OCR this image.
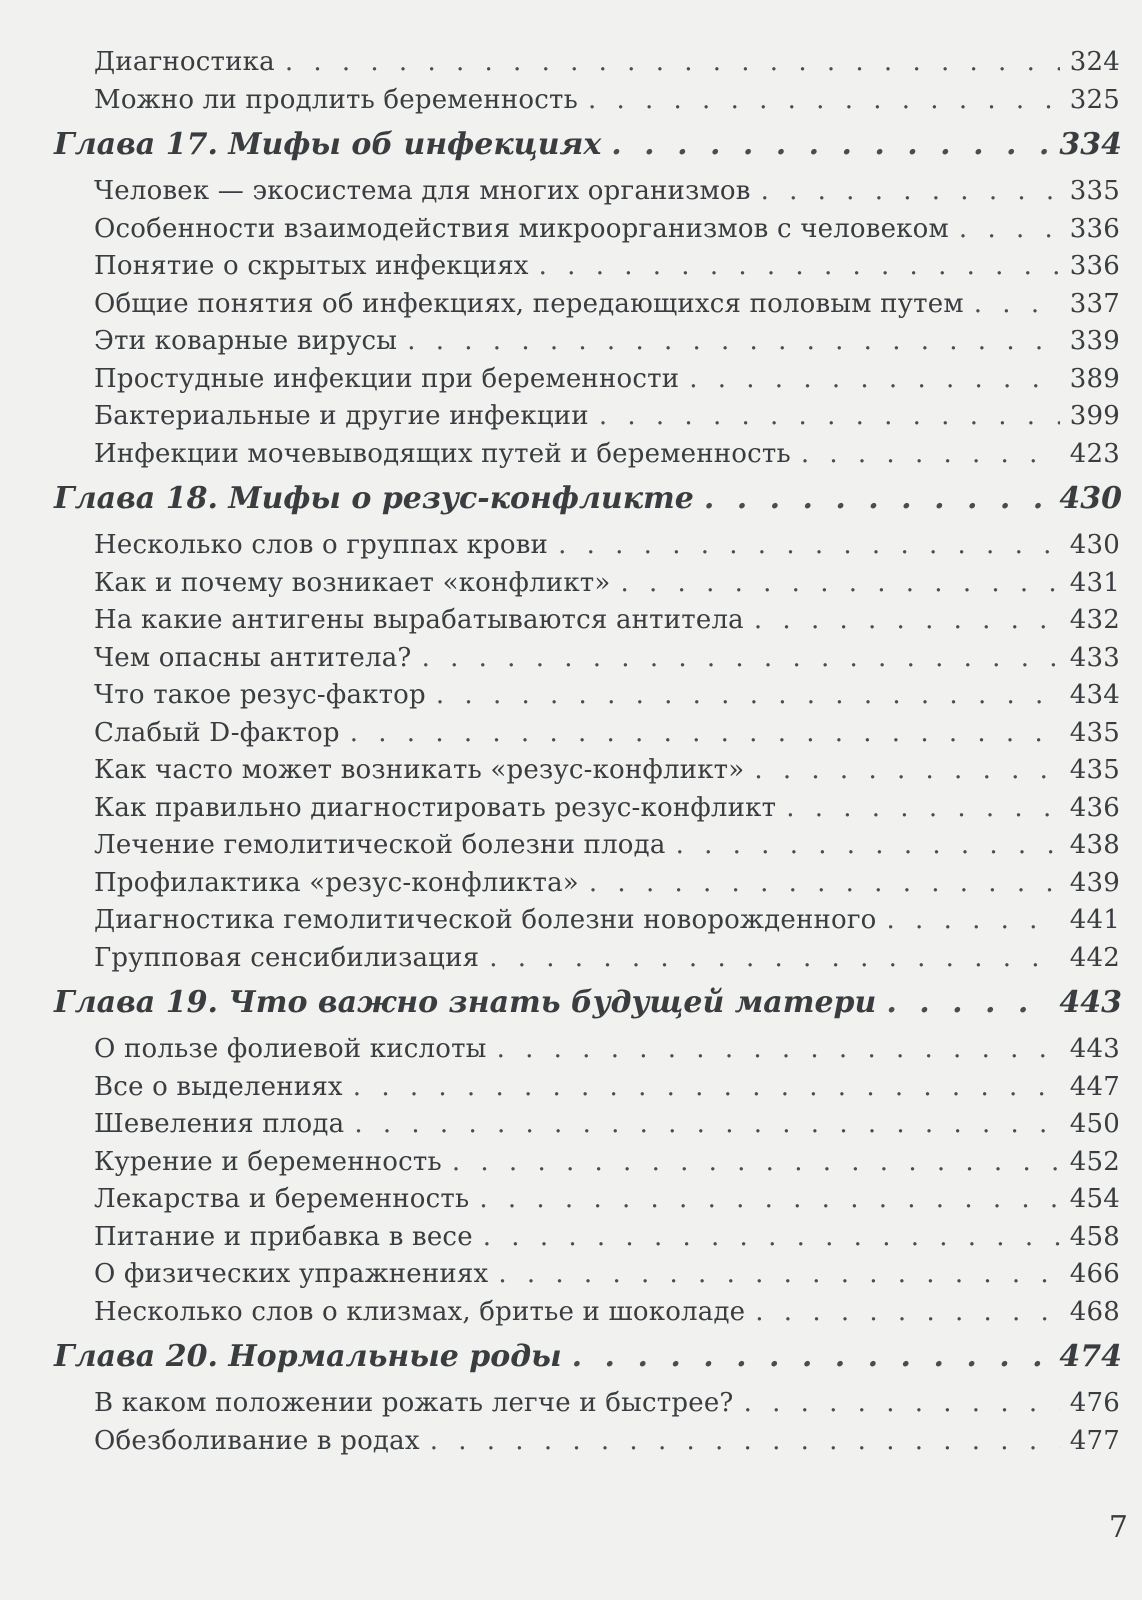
Диагностика . . .	324
Можно ли продлить беременность . . .	325
Глава 17. Мифы об инфекциях . . .	334
Человек — экосистема для многих организмов . . .	335
Особенности взаимодействия микроорганизмов с человеком . . .	336
Понятие о скрытых инфекциях . . .	336
Общие понятия об инфекциях, передающихся половым путем . . .	337
Эти коварные вирусы . . .	339
Простудные инфекции при беременности . . .	389
Бактериальные и другие инфекции . . .	399
Инфекции мочевыводящих путей и беременность . . .	423
Глава 18. Мифы о резус-конфликте . . .	430
Несколько слов о группах крови . . .	430
Как и почему возникает «конфликт» . . .	431
На какие антигены вырабатываются антитела . . .	432
Чем опасны антитела? . . .	433
Что такое резус-фактор . . .	434
Слабый D-фактор . . .	435
Как часто может возникать «резус-конфликт» . . .	435
Как правильно диагностировать резус-конфликт . . .	436
Лечение гемолитической болезни плода . . .	438
Профилактика «резус-конфликта» . . .	439
Диагностика гемолитической болезни новорожденного . . .	441
Групповая сенсибилизация . . .	442
Глава 19. Что важно знать будущей матери . . .	443
О пользе фолиевой кислоты . . .	443
Все о выделениях . . .	447
Шевеления плода . . .	450
Курение и беременность . . .	452
Лекарства и беременность . . .	454
Питание и прибавка в весе . . .	458
О физических упражнениях . . .	466
Несколько слов о клизмах, бритье и шоколаде . . .	468
Глава 20. Нормальные роды . . .	474
В каком положении рожать легче и быстрее? . . .	476
Обезболивание в родах . . .	477
7
